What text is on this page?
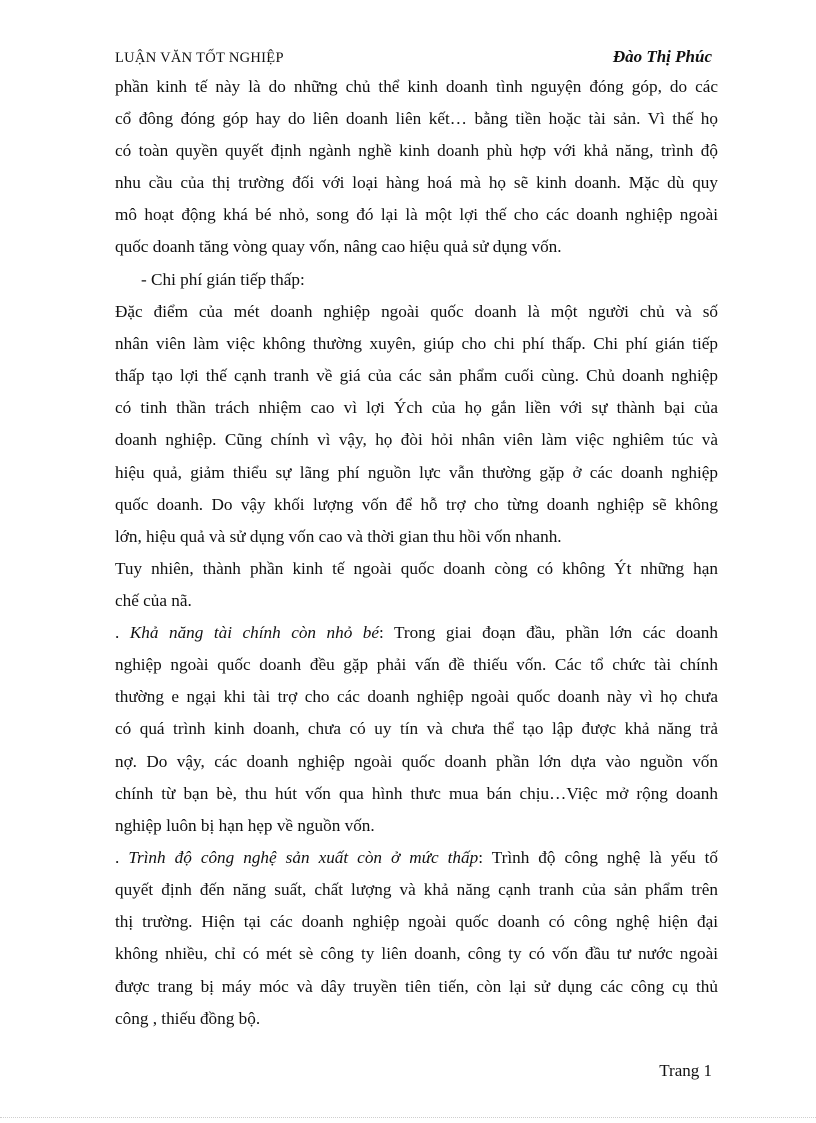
LUẬN VĂN TỐT NGHIỆP	Đào Thị Phúc
phần kinh tế này là do những chủ thể kinh doanh tình nguyện đóng góp, do các
cổ đông đóng góp hay do liên doanh liên kết… bằng tiền hoặc tài sản. Vì thế họ
có toàn quyền quyết định ngành nghề kinh doanh phù hợp với khả năng, trình độ
nhu cầu của thị trường đối với loại hàng hoá mà họ sẽ kinh doanh. Mặc dù quy
mô hoạt động khá bé nhỏ, song đó lại là một lợi thế cho các doanh nghiệp ngoài
quốc doanh tăng vòng quay vốn, nâng cao hiệu quả sử dụng vốn.
- Chi phí gián tiếp thấp:
Đặc điểm của mét doanh nghiệp ngoài quốc doanh là một người chủ và số
nhân viên làm việc không thường xuyên, giúp cho chi phí thấp. Chi phí gián tiếp
thấp tạo lợi thế cạnh tranh về giá của các sản phẩm cuối cùng. Chủ doanh nghiệp
có tinh thần trách nhiệm cao vì lợi Ých của họ gắn liền với sự thành bại của
doanh nghiệp. Cũng chính vì vậy, họ đòi hỏi nhân viên làm việc nghiêm túc và
hiệu quả, giảm thiểu sự lãng phí nguồn lực vẫn thường gặp ở các doanh nghiệp
quốc doanh. Do vậy khối lượng vốn để hỗ trợ cho từng doanh nghiệp sẽ không
lớn, hiệu quả và sử dụng vốn cao và thời gian thu hồi vốn nhanh.
Tuy nhiên, thành phần kinh tế ngoài quốc doanh còng có không Ýt những hạn
chế của nã.
. Khả năng tài chính còn nhỏ bé: Trong giai đoạn đầu, phần lớn các doanh
nghiệp ngoài quốc doanh đều gặp phải vấn đề thiếu vốn. Các tổ chức tài chính
thường e ngại khi tài trợ cho các doanh nghiệp ngoài quốc doanh này vì họ chưa
có quá trình kinh doanh, chưa có uy tín và chưa thể tạo lập được khả năng trả
nợ. Do vậy, các doanh nghiệp ngoài quốc doanh phần lớn dựa vào nguồn vốn
chính từ bạn bè, thu hút vốn qua hình thưc mua bán chịu…Việc mở rộng doanh
nghiệp luôn bị hạn hẹp về nguồn vốn.
. Trình độ công nghệ sản xuất còn ở mức thấp: Trình độ công nghệ là yếu tố
quyết định đến năng suất, chất lượng và khả năng cạnh tranh của sản phẩm trên
thị trường. Hiện tại các doanh nghiệp ngoài quốc doanh có công nghệ hiện đại
không nhiều, chỉ có mét sè công ty liên doanh, công ty có vốn đầu tư nước ngoài
được trang bị máy móc và dây truyền tiên tiến, còn lại sử dụng các công cụ thủ
công , thiếu đồng bộ.
Trang 1
